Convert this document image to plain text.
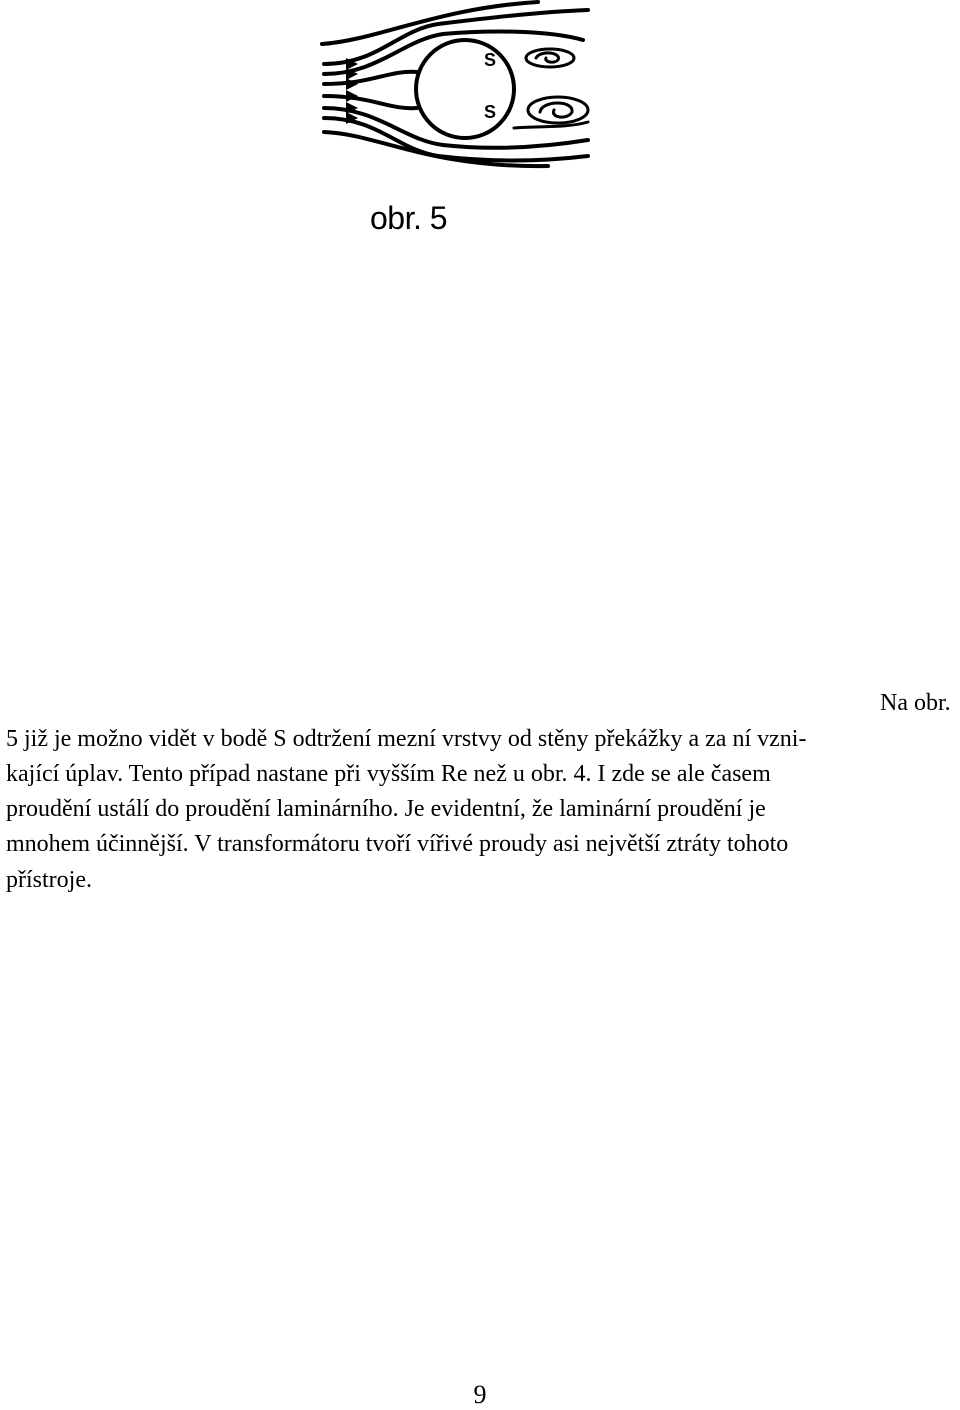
S
S
obr. 5
Na obr.
5 již je možno vidět v bodě S odtržení mezní vrstvy od stěny překážky a za ní vzni-
kající úplav. Tento případ nastane při vyšším Re než u obr. 4. I zde se ale časem
proudění ustálí do proudění laminárního. Je evidentní, že laminární proudění je
mnohem účinnější. V transformátoru tvoří vířivé proudy asi největší ztráty tohoto
přístroje.
9
